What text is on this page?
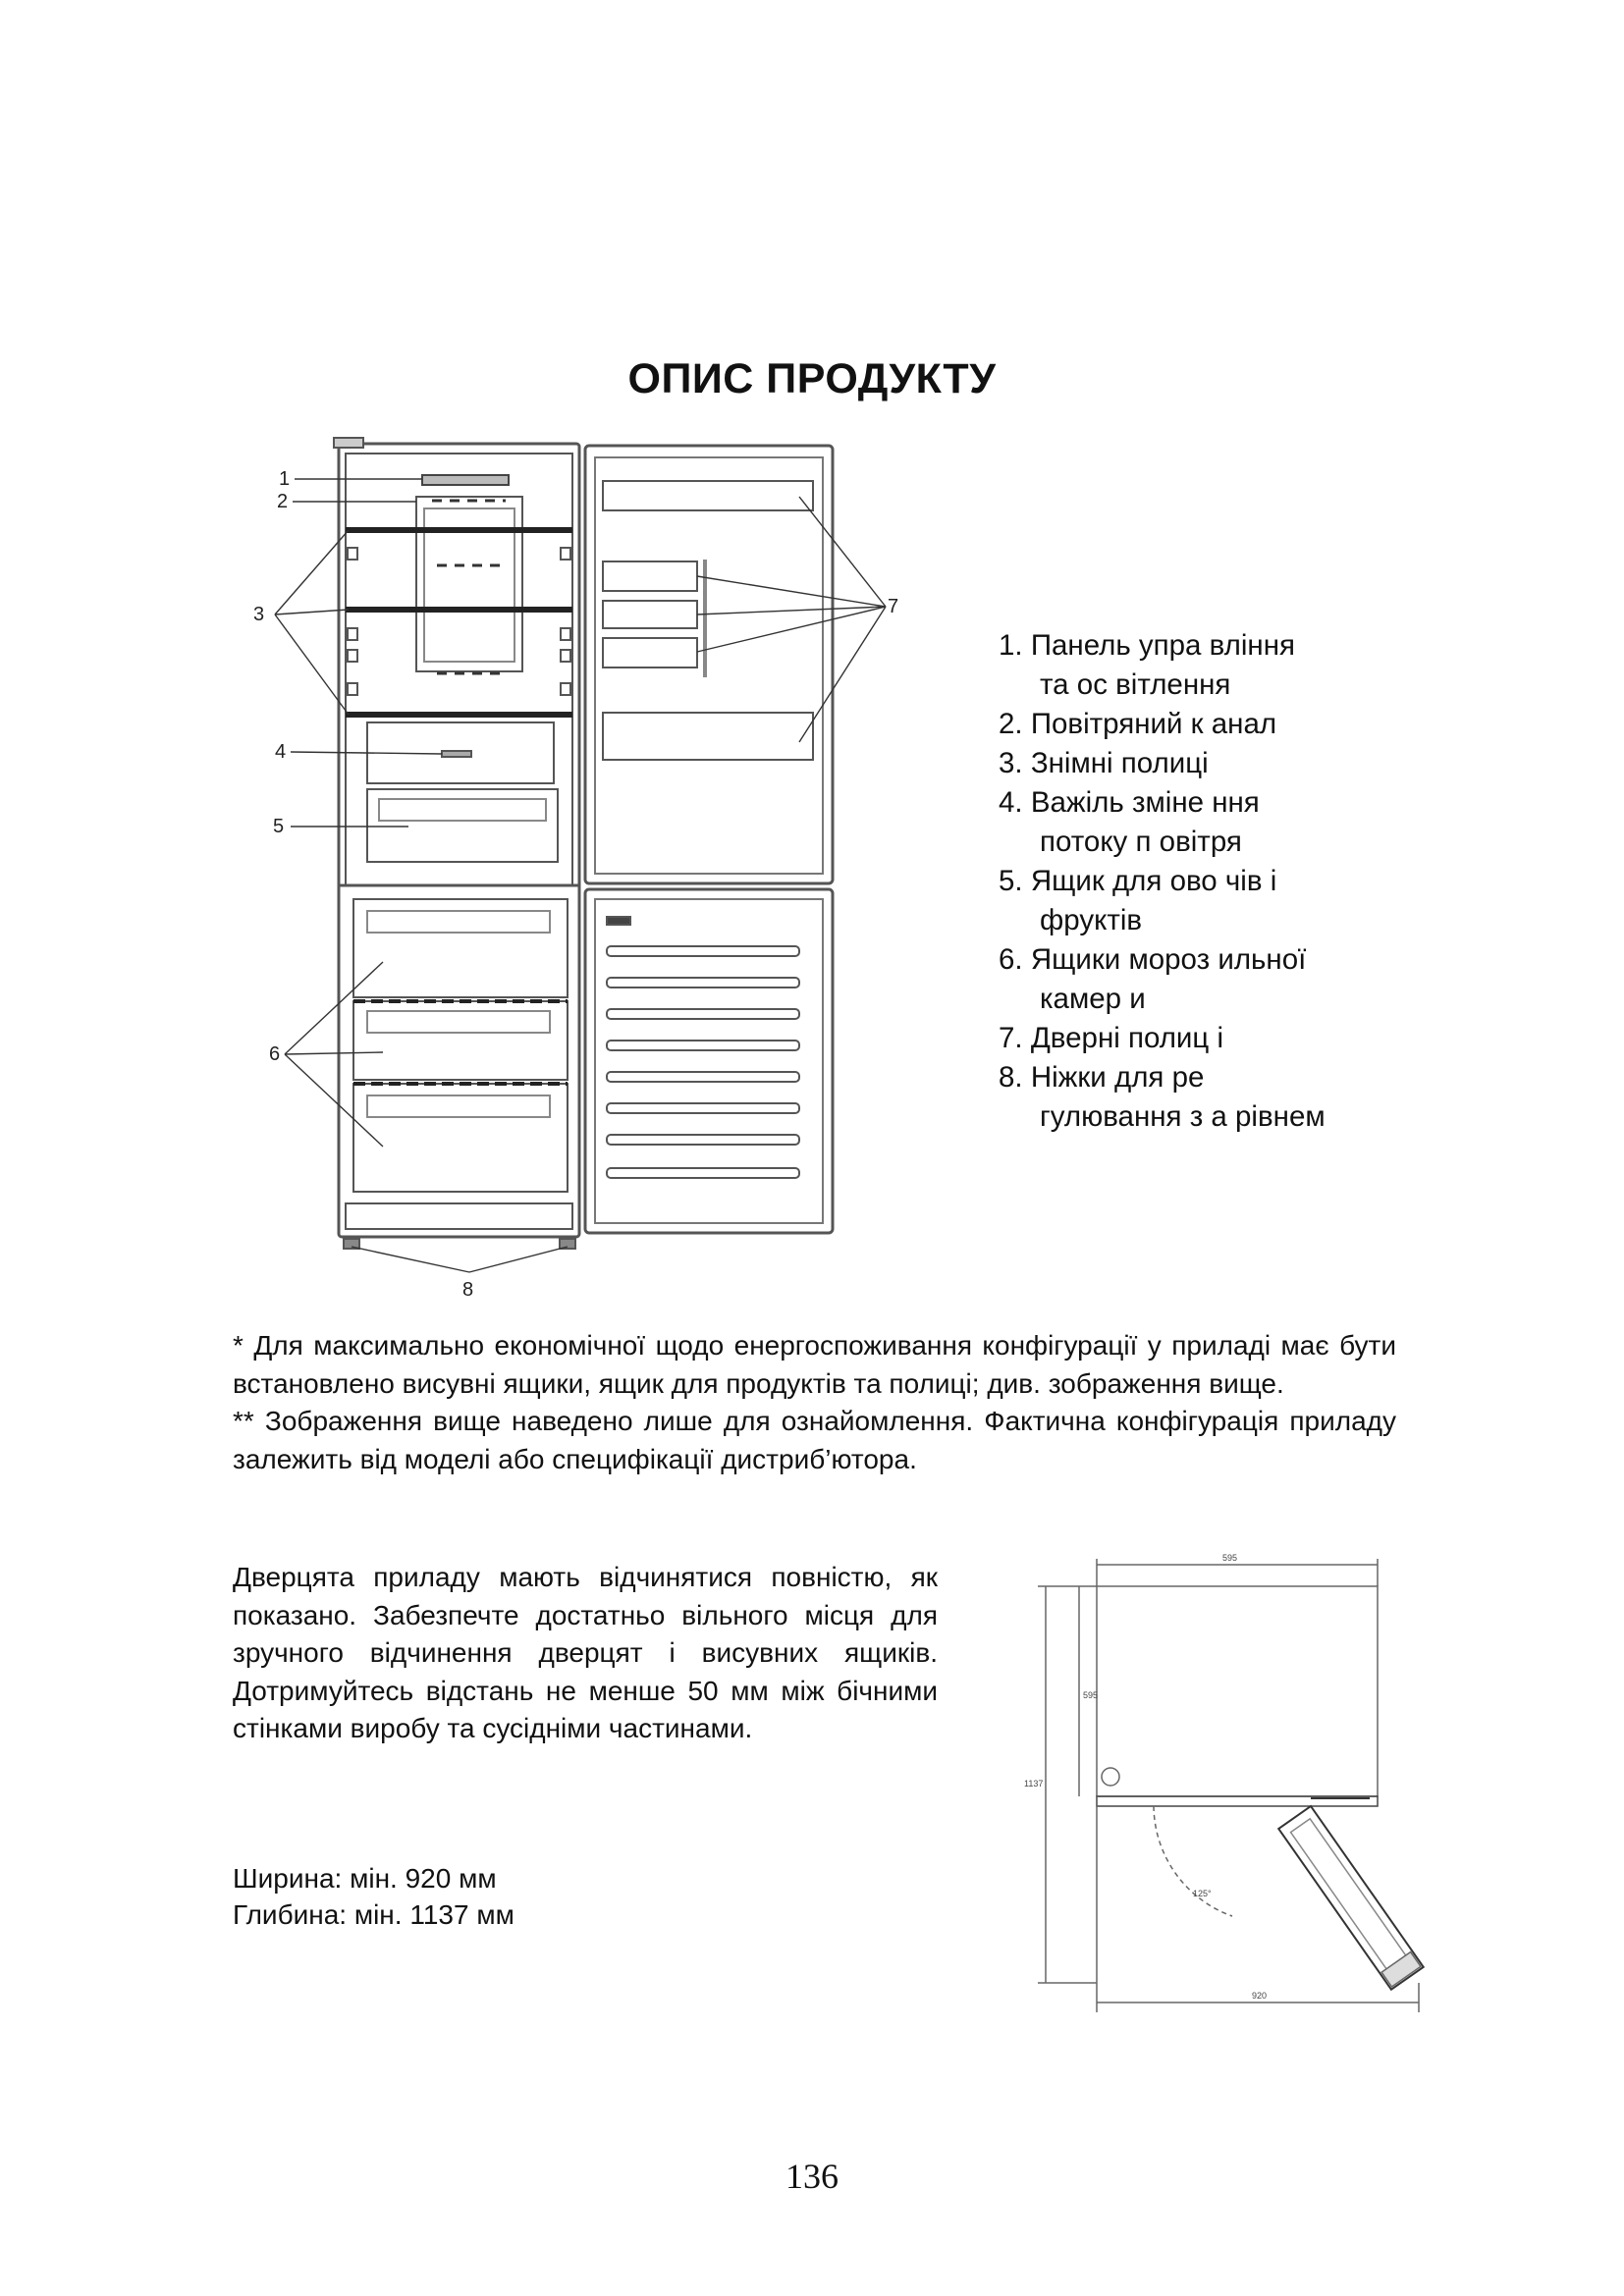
ОПИС ПРОДУКТУ
1
2
3
4
5
6
7
8
1. Панель упра вління
та ос вітлення
2. Повітряний к анал
3. Знімні полиці
4. Важіль зміне ння
потоку п овітря
5. Ящик для ово чів і
фруктів
6. Ящики мороз ильної
камер и
7. Дверні полиц і
8. Ніжки для ре
гулювання з а рівнем

* Для максимально економічної щодо енергоспоживання конфігурації у приладі має бути встановлено висувні ящики, ящик для продуктів та полиці; див. зображення вище.

** Зображення вище наведено лише для ознайомлення. Фактична конфігурація приладу залежить від моделі або специфікації дистриб’ютора.

Дверцята приладу мають відчинятися повністю, як показано. Забезпечте достатньо вільного місця для зручного відчинення дверцят і висувних ящиків. Дотримуйтесь відстань не менше 50 мм між бічними стінками виробу та сусідніми частинами.

Ширина: мін. 920 мм

Глибина: мін. 1137 мм

595
1137
595
920
125°
136
